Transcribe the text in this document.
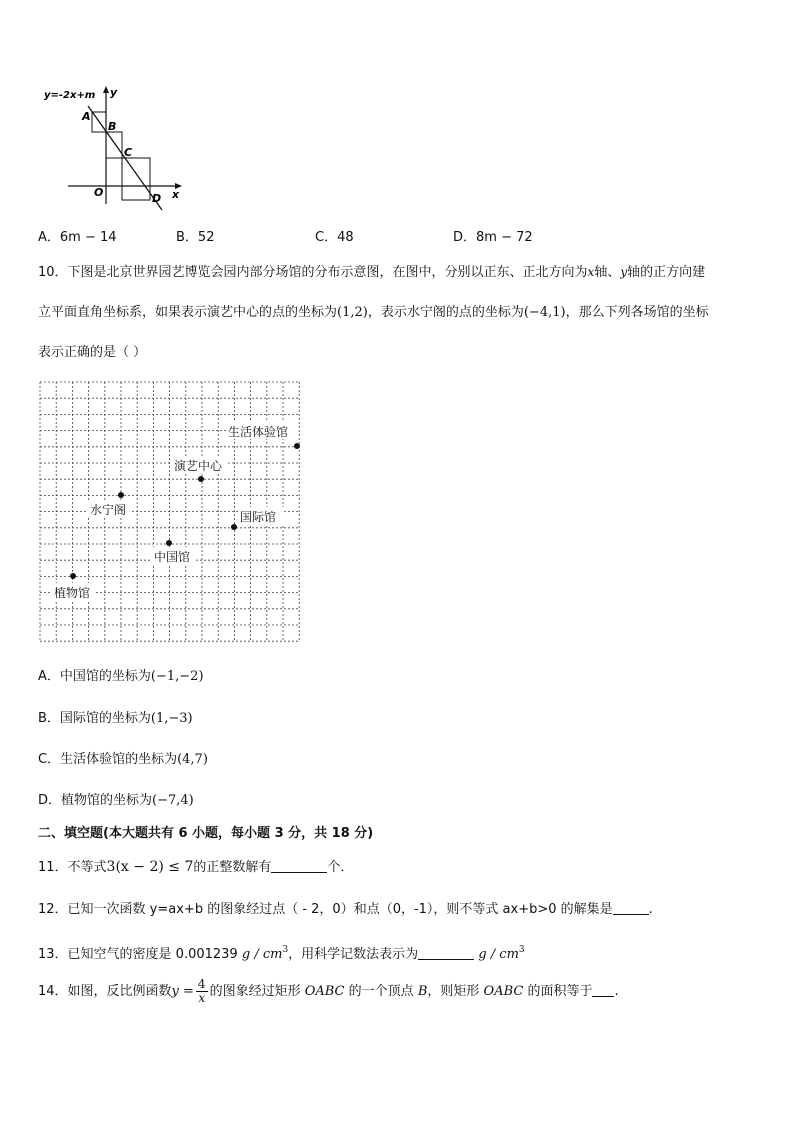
y=-2x+m y
x
O
A
B
C
D
A．6m − 14	B．52	C．48	D．8m − 72
10．下图是北京世界园艺博览会园内部分场馆的分布示意图，在图中，分别以正东、正北方向为x轴、y轴的正方向建
立平面直角坐标系，如果表示演艺中心的点的坐标为(1,2)，表示水宁阁的点的坐标为(−4,1)，那么下列各场馆的坐标
表示正确的是（ ）
生活体验馆
演艺中心
水宁阁	国际馆
中国馆
植物馆
A．中国馆的坐标为(−1,−2)
B．国际馆的坐标为(1,−3)
C．生活体验馆的坐标为(4,7)
D．植物馆的坐标为(−7,4)
二、填空题(本大题共有 6 小题，每小题 3 分，共 18 分)
11．不等式3(x − 2) ≤ 7的正整数解有	个．
12．已知一次函数 y=ax+b 的图象经过点（ - 2，0）和点（0，-1），则不等式 ax+b>0 的解集是	.
13．已知空气的密度是 0.001239 g / $cm^3$，用科学记数法表示为	g / $cm^3$
14．如图，反比例函数$y = \frac{4}{x}$ 的图象经过矩形 OABC 的一个顶点 B，则矩形 OABC 的面积等于 .
